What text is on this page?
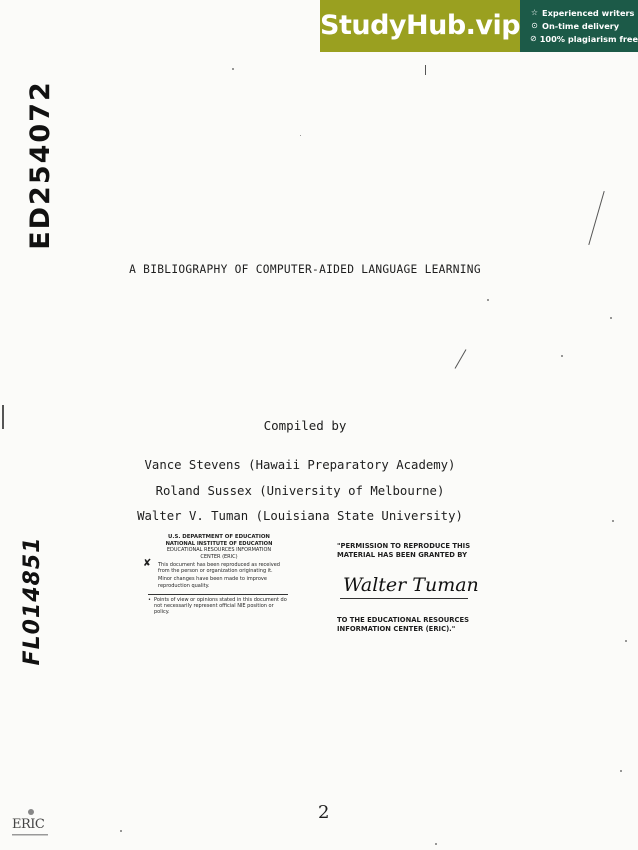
StudyHub.vip ☆ Experienced writers
⊙ On-time delivery
⊘ 100% plagiarism free
ED254072
FL014851
A BIBLIOGRAPHY OF COMPUTER-AIDED LANGUAGE LEARNING
Compiled by
Vance Stevens (Hawaii Preparatory Academy)
Roland Sussex (University of Melbourne)
Walter V. Tuman (Louisiana State University)
U.S. DEPARTMENT OF EDUCATION
NATIONAL INSTITUTE OF EDUCATION
EDUCATIONAL RESOURCES INFORMATION
CENTER (ERIC)
✘ This document has been reproduced as received from the person or organization originating it.
Minor changes have been made to improve reproduction quality.
• Points of view or opinions stated in this document do not necessarily represent official NIE position or policy.
"PERMISSION TO REPRODUCE THIS MATERIAL HAS BEEN GRANTED BY
Walter Tuman
TO THE EDUCATIONAL RESOURCES INFORMATION CENTER (ERIC)."
2
ERIC
